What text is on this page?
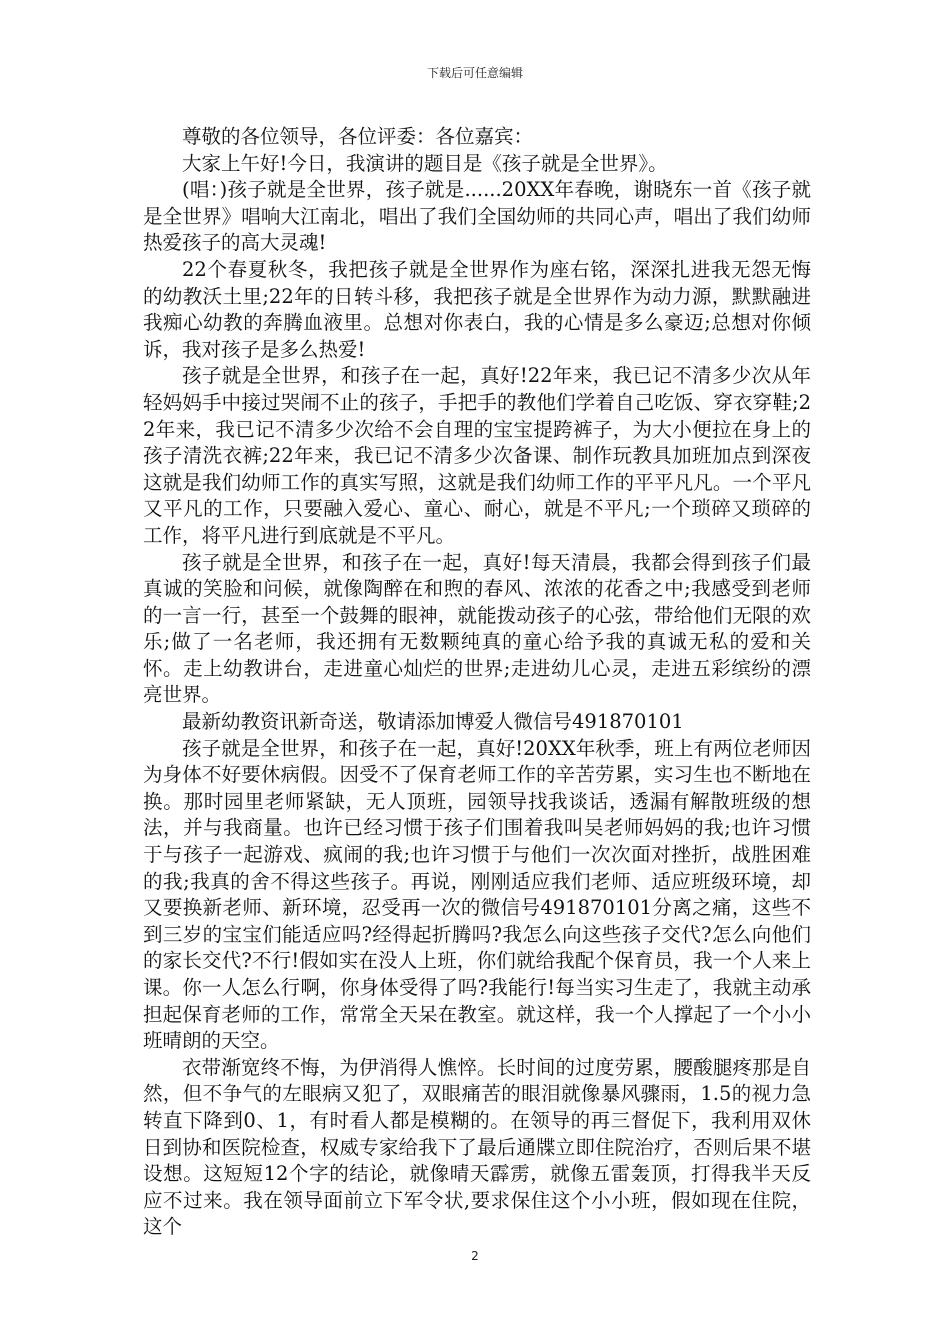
下载后可任意编辑

尊敬的各位领导，各位评委：各位嘉宾：

大家上午好!今日，我演讲的题目是《孩子就是全世界》。

(唱：)孩子就是全世界，孩子就是......20XX年春晚，谢晓东一首《孩子就是全世界》唱响大江南北，唱出了我们全国幼师的共同心声，唱出了我们幼师热爱孩子的高大灵魂!

22个春夏秋冬，我把孩子就是全世界作为座右铭，深深扎进我无怨无悔的幼教沃土里;22年的日转斗移，我把孩子就是全世界作为动力源，默默融进我痴心幼教的奔腾血液里。总想对你表白，我的心情是多么豪迈;总想对你倾诉，我对孩子是多么热爱!

孩子就是全世界，和孩子在一起，真好!22年来，我已记不清多少次从年轻妈妈手中接过哭闹不止的孩子，手把手的教他们学着自己吃饭、穿衣穿鞋;22年来，我已记不清多少次给不会自理的宝宝提跨裤子，为大小便拉在身上的孩子清洗衣裤;22年来，我已记不清多少次备课、制作玩教具加班加点到深夜这就是我们幼师工作的真实写照，这就是我们幼师工作的平平凡凡。一个平凡又平凡的工作，只要融入爱心、童心、耐心，就是不平凡;一个琐碎又琐碎的工作，将平凡进行到底就是不平凡。

孩子就是全世界，和孩子在一起，真好!每天清晨，我都会得到孩子们最真诚的笑脸和问候，就像陶醉在和煦的春风、浓浓的花香之中;我感受到老师的一言一行，甚至一个鼓舞的眼神，就能拨动孩子的心弦，带给他们无限的欢乐;做了一名老师，我还拥有无数颗纯真的童心给予我的真诚无私的爱和关怀。走上幼教讲台，走进童心灿烂的世界;走进幼儿心灵，走进五彩缤纷的漂亮世界。

最新幼教资讯新奇送，敬请添加博爱人微信号491870101

孩子就是全世界，和孩子在一起，真好!20XX年秋季，班上有两位老师因为身体不好要休病假。因受不了保育老师工作的辛苦劳累，实习生也不断地在换。那时园里老师紧缺，无人顶班，园领导找我谈话，透漏有解散班级的想法，并与我商量。也许已经习惯于孩子们围着我叫吴老师妈妈的我;也许习惯于与孩子一起游戏、疯闹的我;也许习惯于与他们一次次面对挫折，战胜困难的我;我真的舍不得这些孩子。再说，刚刚适应我们老师、适应班级环境，却又要换新老师、新环境，忍受再一次的微信号491870101分离之痛，这些不到三岁的宝宝们能适应吗?经得起折腾吗?我怎么向这些孩子交代?怎么向他们的家长交代?不行!假如实在没人上班，你们就给我配个保育员，我一个人来上课。你一人怎么行啊，你身体受得了吗?我能行!每当实习生走了，我就主动承担起保育老师的工作，常常全天呆在教室。就这样，我一个人撑起了一个小小班晴朗的天空。

衣带渐宽终不悔，为伊消得人憔悴。长时间的过度劳累，腰酸腿疼那是自然，但不争气的左眼病又犯了，双眼痛苦的眼泪就像暴风骤雨，1.5的视力急转直下降到0、1，有时看人都是模糊的。在领导的再三督促下，我利用双休日到协和医院检查，权威专家给我下了最后通牒立即住院治疗，否则后果不堪设想。这短短12个字的结论，就像晴天霹雳，就像五雷轰顶，打得我半天反应不过来。我在领导面前立下军令状,要求保住这个小小班，假如现在住院，这个

2
